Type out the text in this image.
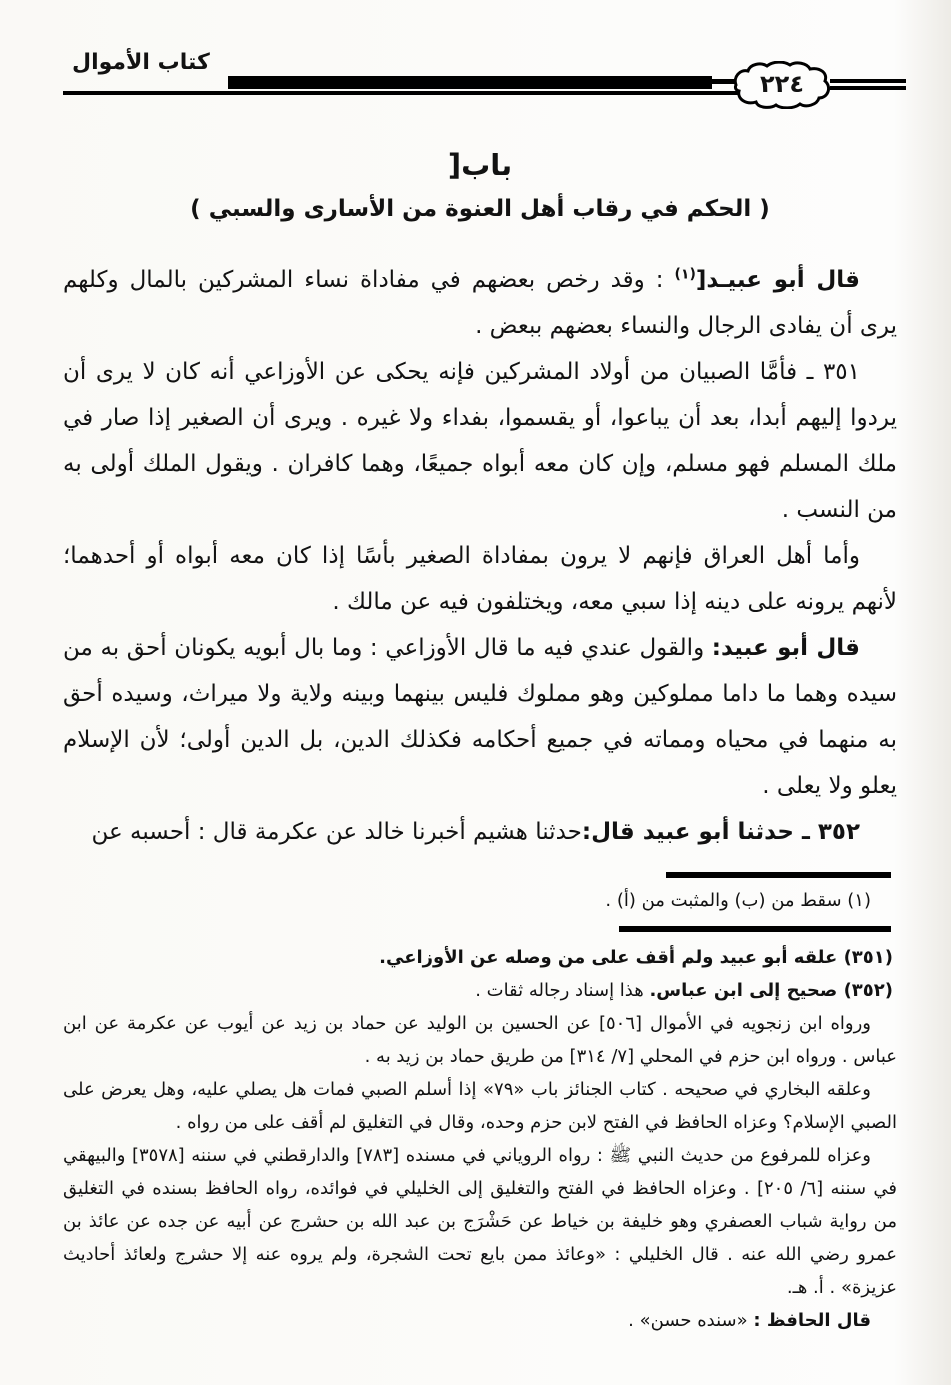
كتاب الأموال
٢٢٤
باب[
( الحكم في رقاب أهل العنوة من الأسارى والسبي )

قال أبو عبيـد[$^{(١)}$ : وقد رخص بعضهم في مفاداة نساء المشركين بالمال وكلهم يرى أن يفادى الرجال والنساء بعضهم ببعض .

٣٥١ ـ فأمَّا الصبيان من أولاد المشركين فإنه يحكى عن الأوزاعي أنه كان لا يرى أن يردوا إليهم أبدا، بعد أن يباعوا، أو يقسموا، بفداء ولا غيره . ويرى أن الصغير إذا صار في ملك المسلم فهو مسلم، وإن كان معه أبواه جميعًا، وهما كافران . ويقول الملك أولى به من النسب .

وأما أهل العراق فإنهم لا يرون بمفاداة الصغير بأسًا إذا كان معه أبواه أو أحدهما؛ لأنهم يرونه على دينه إذا سبي معه، ويختلفون فيه عن مالك .

قال أبو عبيد: والقول عندي فيه ما قال الأوزاعي : وما بال أبويه يكونان أحق به من سيده وهما ما داما مملوكين وهو مملوك فليس بينهما وبينه ولاية ولا ميراث، وسيده أحق به منهما في محياه ومماته في جميع أحكامه فكذلك الدين، بل الدين أولى؛ لأن الإسلام يعلو ولا يعلى .

٣٥٢ ـ حدثنا أبو عبيد قال:حدثنا هشيم أخبرنا خالد عن عكرمة قال : أحسبه عن

(١) سقط من (ب) والمثبت من (أ) .
(٣٥١) علقه أبو عبيد ولم أقف على من وصله عن الأوزاعي.
(٣٥٢) صحيح إلى ابن عباس. هذا إسناد رجاله ثقات .

ورواه ابن زنجويه في الأموال [٥٠٦] عن الحسين بن الوليد عن حماد بن زيد عن أيوب عن عكرمة عن ابن عباس . ورواه ابن حزم في المحلي [٧/ ٣١٤] من طريق حماد بن زيد به .

وعلقه البخاري في صحيحه . كتاب الجنائز باب «٧٩» إذا أسلم الصبي فمات هل يصلي عليه، وهل يعرض على الصبي الإسلام؟ وعزاه الحافظ في الفتح لابن حزم وحده، وقال في التغليق لم أقف على من رواه .

وعزاه للمرفوع من حديث النبي ﷺ : رواه الروياني في مسنده [٧٨٣] والدارقطني في سننه [٣٥٧٨] والبيهقي في سننه [٦/ ٢٠٥] . وعزاه الحافظ في الفتح والتغليق إلى الخليلي في فوائده، رواه الحافظ بسنده في التغليق من رواية شباب العصفري وهو خليفة بن خياط عن حَشْرَج بن عبد الله بن حشرج عن أبيه عن جده عن عائذ بن عمرو رضي الله عنه . قال الخليلي : «وعائذ ممن بايع تحت الشجرة، ولم يروه عنه إلا حشرج ولعائذ أحاديث عزيزة» . أ. هـ.

قال الحافظ : «سنده حسن» .
